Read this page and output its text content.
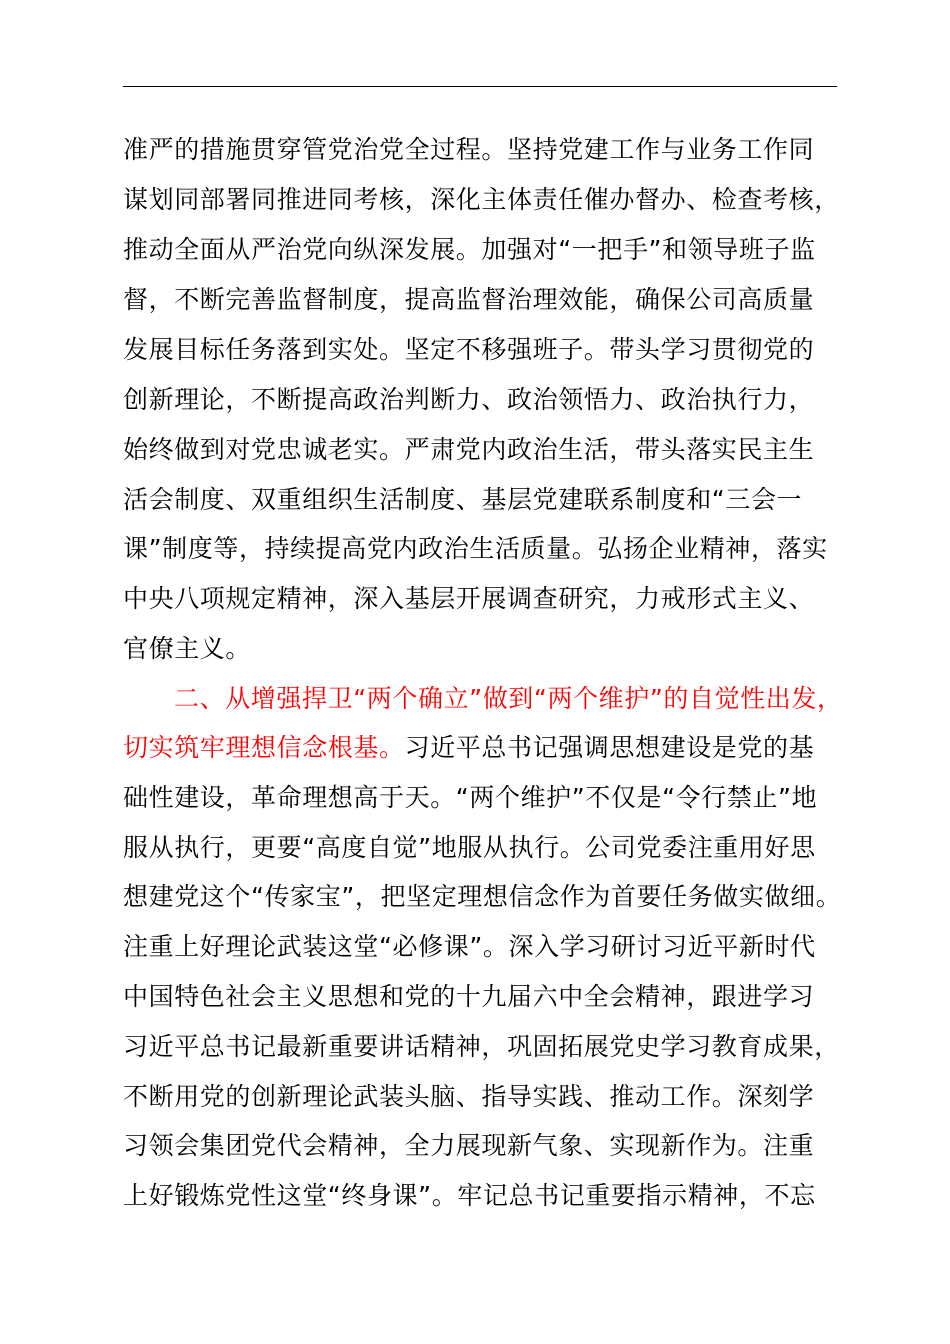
准严的措施贯穿管党治党全过程。坚持党建工作与业务工作同
谋划同部署同推进同考核，深化主体责任催办督办、检查考核，
推动全面从严治党向纵深发展。加强对“一把手”和领导班子监
督，不断完善监督制度，提高监督治理效能，确保公司高质量
发展目标任务落到实处。坚定不移强班子。带头学习贯彻党的
创新理论，不断提高政治判断力、政治领悟力、政治执行力，
始终做到对党忠诚老实。严肃党内政治生活，带头落实民主生
活会制度、双重组织生活制度、基层党建联系制度和“三会一
课”制度等，持续提高党内政治生活质量。弘扬企业精神，落实
中央八项规定精神，深入基层开展调查研究，力戒形式主义、
官僚主义。
二、从增强捍卫“两个确立”做到“两个维护”的自觉性出发，
切实筑牢理想信念根基。习近平总书记强调思想建设是党的基
础性建设，革命理想高于天。“两个维护”不仅是“令行禁止”地
服从执行，更要“高度自觉”地服从执行。公司党委注重用好思
想建党这个“传家宝”，把坚定理想信念作为首要任务做实做细。
注重上好理论武装这堂“必修课”。深入学习研讨习近平新时代
中国特色社会主义思想和党的十九届六中全会精神，跟进学习
习近平总书记最新重要讲话精神，巩固拓展党史学习教育成果，
不断用党的创新理论武装头脑、指导实践、推动工作。深刻学
习领会集团党代会精神，全力展现新气象、实现新作为。注重
上好锻炼党性这堂“终身课”。牢记总书记重要指示精神，不忘
